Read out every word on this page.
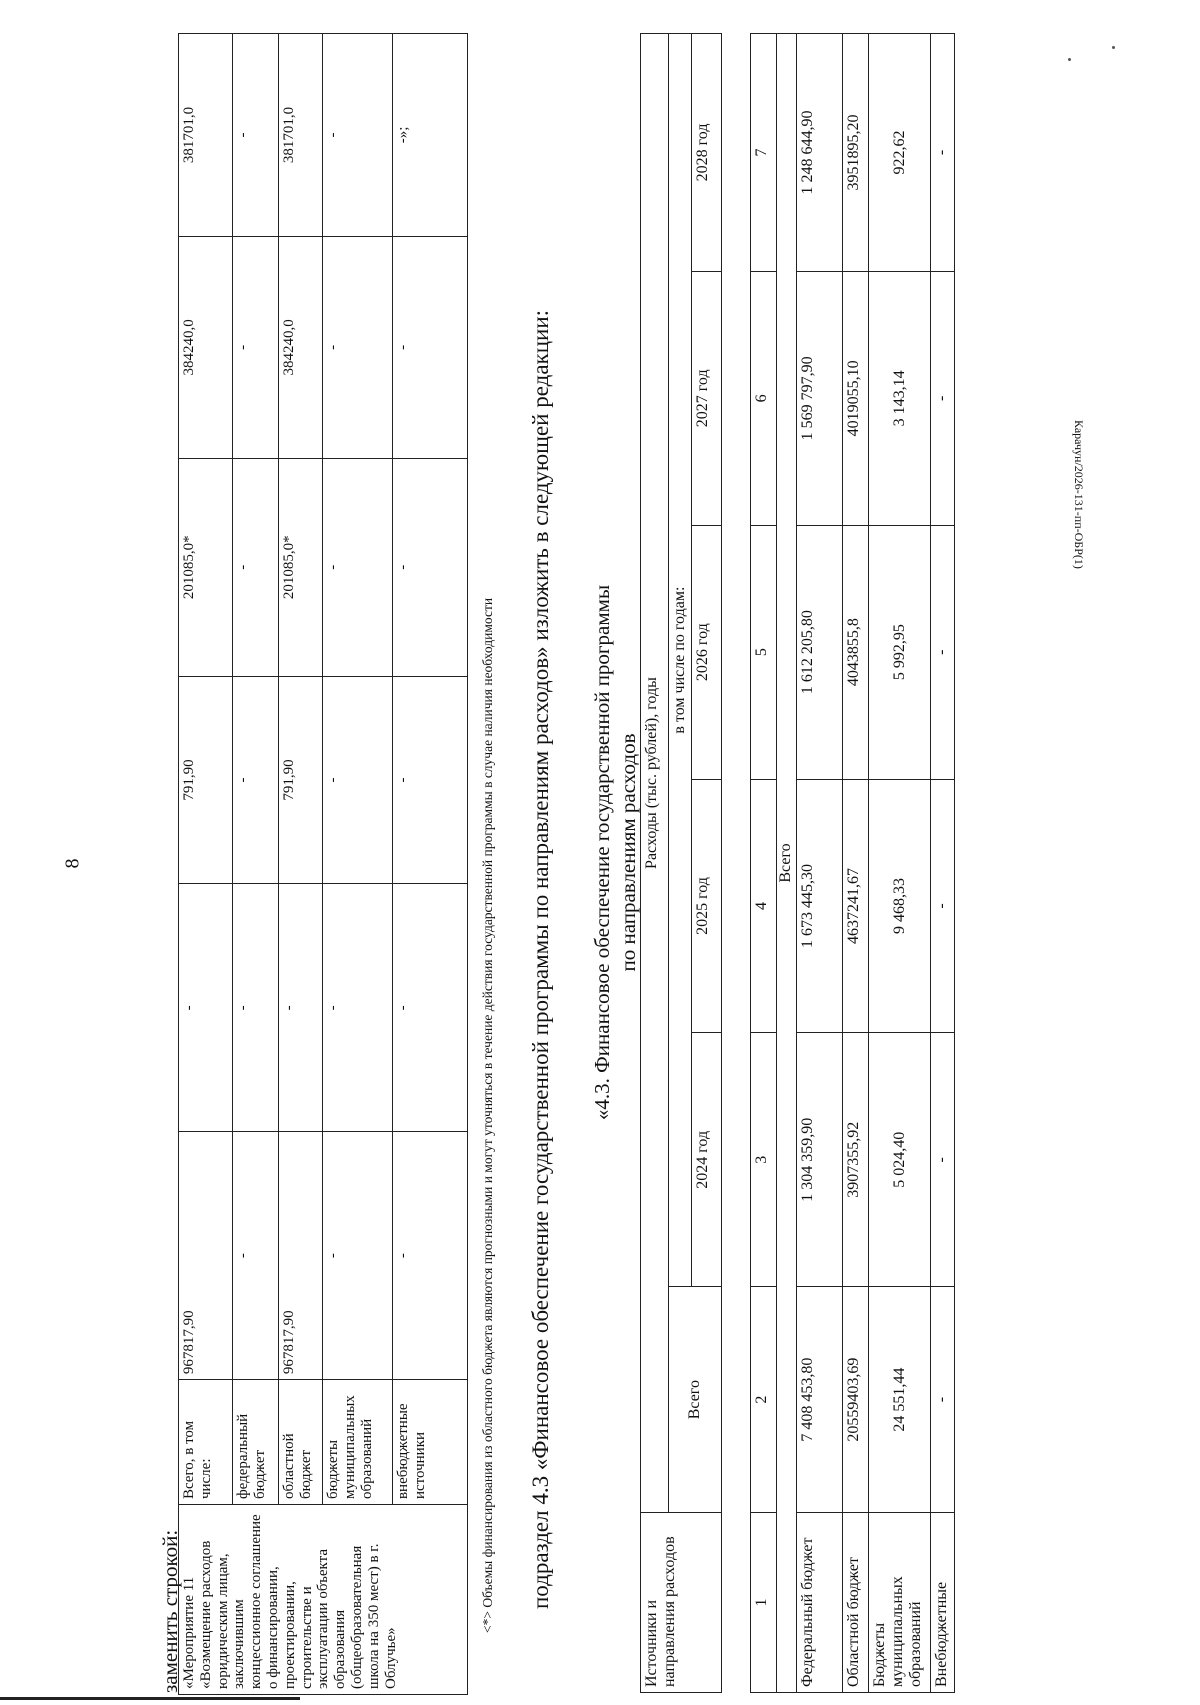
8
Карачун/2026-131-пп-ОБР(1)
заменить строкой: «Мероприятие 11 «Возмещение расходов юридическим лицам, заключившим концессионное соглашение о финансировании, проектировании, строительстве и эксплуатации объекта образования (общеобразовательная школа на 350 мест) в г. Облучье»	Всего, в том числе:	967817,90	-	791,90	201085,0*	384240,0	381701,0
	федеральный бюджет	-	-	-	-	-	-
	областной бюджет	967817,90	-	791,90	201085,0*	384240,0	381701,0
	бюджеты муниципальных образований	-	-	-	-	-	-
	внебюджетные источники	-	-	-	-	-	-»;
<*> Объемы финансирования из областного бюджета являются прогнозными и могут уточняться в течение действия государственной программы в случае наличия необходимости подраздел 4.3 «Финансовое обеспечение государственной программы по направлениям расходов» изложить в следующей редакции: «4.3. Финансовое обеспечение государственной программы по направлениям расходов
Источники и направления расходов	Расходы (тыс. рублей), годы					
	Всего	в том числе по годам:				
		2024 год	2025 год	2026 год	2027 год	2028 год
1	2	3	4	5	6	7
Всего						
Федеральный бюджет	7 408 453,80	1 304 359,90	1 673 445,30	1 612 205,80	1 569 797,90	1 248 644,90
Областной бюджет	20559403,69	3907355,92	4637241,67	4043855,8	4019055,10	3951895,20
Бюджеты муниципальных образований	24 551,44	5 024,40	9 468,33	5 992,95	3 143,14	922,62
Внебюджетные	-	-	-	-	-	-
